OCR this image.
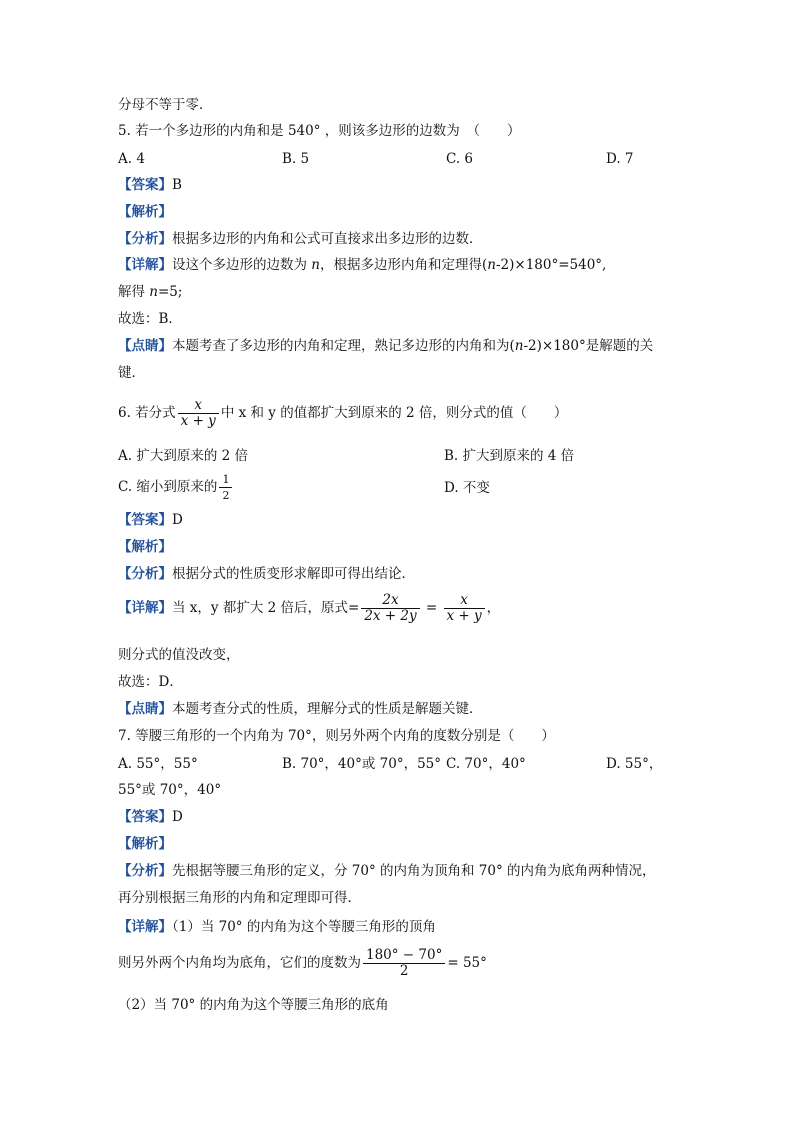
分母不等于零．
5. 若一个多边形的内角和是 540° ，则该多边形的边数为　（　　）
A. 4	B. 5	C. 6	D. 7
【答案】B
【解析】
【分析】根据多边形的内角和公式可直接求出多边形的边数．
【详解】设这个多边形的边数为 n，根据多边形内角和定理得(n-2)×180°=540°,
解得 n=5;
故选：B．
【点睛】本题考查了多边形的内角和定理，熟记多边形的内角和为(n-2)×180°是解题的关
键．
6. 若分式 $\frac{x}{x + y}$ 中 x 和 y 的值都扩大到原来的 2 倍，则分式的值（　　）
A. 扩大到原来的 2 倍	B. 扩大到原来的 4 倍
C. 缩小到原来的 $\frac{1}{2}$	D. 不变
【答案】D
【解析】
【分析】根据分式的性质变形求解即可得出结论．
【详解】当 x，y 都扩大 2 倍后，原式= $\frac{2x}{2x + 2y} = \frac{x}{x + y}$ ，
则分式的值没改变，
故选：D．
【点睛】本题考查分式的性质，理解分式的性质是解题关键．
7. 等腰三角形的一个内角为 70°，则另外两个内角的度数分别是（　　）
A. 55°，55°	B. 70°，40°或 70°，55° C. 70°，40°	D. 55°，
55°或 70°，40°
【答案】D
【解析】
【分析】先根据等腰三角形的定义，分 70° 的内角为顶角和 70° 的内角为底角两种情况，
再分别根据三角形的内角和定理即可得．
【详解】（1）当 70° 的内角为这个等腰三角形的顶角
则另外两个内角均为底角，它们的度数为 $\frac{180^\circ - 70^\circ}{2} = 55^\circ$
（2）当 70° 的内角为这个等腰三角形的底角
